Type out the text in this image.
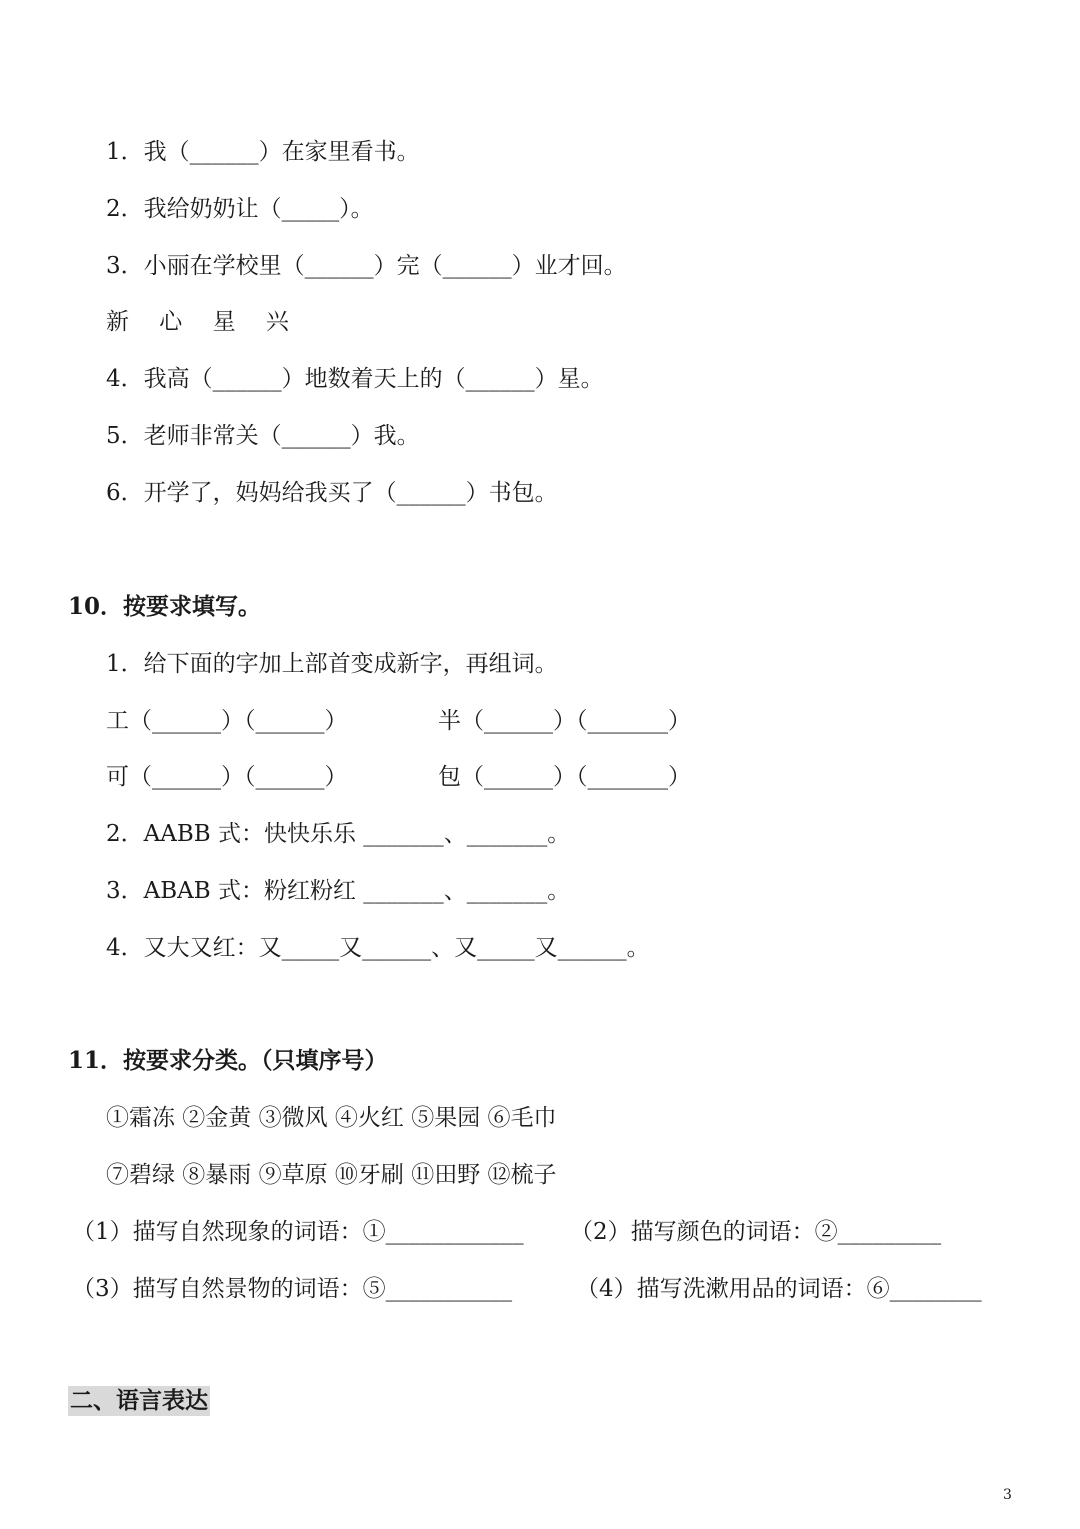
1．我（______）在家里看书。
2．我给奶奶让（_____）。
3．小丽在学校里（______）完（______）业才回。
新　 心　 星　 兴
4．我高（______）地数着天上的（______）星。
5．老师非常关（______）我。
6．开学了，妈妈给我买了（______）书包。
10．按要求填写。
1．给下面的字加上部首变成新字，再组词。
工（______）（______）	半（______）（_______）
可（______）（______）	包（______）（_______）
2．AABB 式：快快乐乐 _______、_______。
3．ABAB 式：粉红粉红 _______、_______。
4．又大又红：又_____又______、又_____又______。
11．按要求分类。（只填序号）
①霜冻 ②金黄 ③微风 ④火红 ⑤果园 ⑥毛巾
⑦碧绿 ⑧暴雨 ⑨草原 ⑩牙刷 ⑪田野 ⑫梳子
（1）描写自然现象的词语：①____________ （2）描写颜色的词语：②_________
（3）描写自然景物的词语：⑤___________	（4）描写洗漱用品的词语：⑥________
二、语言表达
3
